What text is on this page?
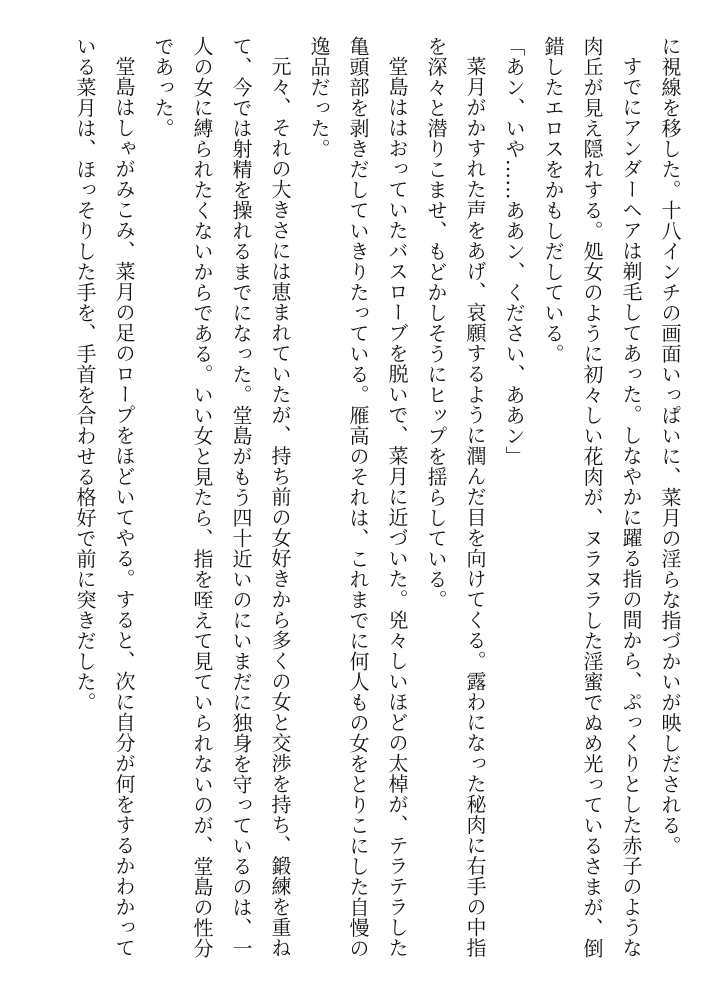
に視線を移した。十八インチの画面いっぱいに、菜月の淫らな指づかいが映しだされる。

すでにアンダーヘアは剃毛してあった。しなやかに躍る指の間から、ぷっくりとした赤子のような肉丘が見え隠れする。処女のように初々しい花肉が、ヌラヌラした淫蜜でぬめ光っているさまが、倒錯したエロスをかもしだしている。

「あン、いや……ああン、ください、ああン」

菜月がかすれた声をあげ、哀願するように潤んだ目を向けてくる。露わになった秘肉に右手の中指を深々と潜りこませ、もどかしそうにヒップを揺らしている。

堂島ははおっていたバスローブを脱いで、菜月に近づいた。兇々しいほどの太棹が、テラテラした亀頭部を剥きだしていきりたっている。雁高のそれは、これまでに何人もの女をとりこにした自慢の逸品だった。

元々、それの大きさには恵まれていたが、持ち前の女好きから多くの女と交渉を持ち、鍛練を重ねて、今では射精を操れるまでになった。堂島がもう四十近いのにいまだに独身を守っているのは、一人の女に縛られたくないからである。いい女と見たら、指を咥えて見ていられないのが、堂島の性分であった。

堂島はしゃがみこみ、菜月の足のロープをほどいてやる。すると、次に自分が何をするかわかっている菜月は、ほっそりした手を、手首を合わせる格好で前に突きだした。
